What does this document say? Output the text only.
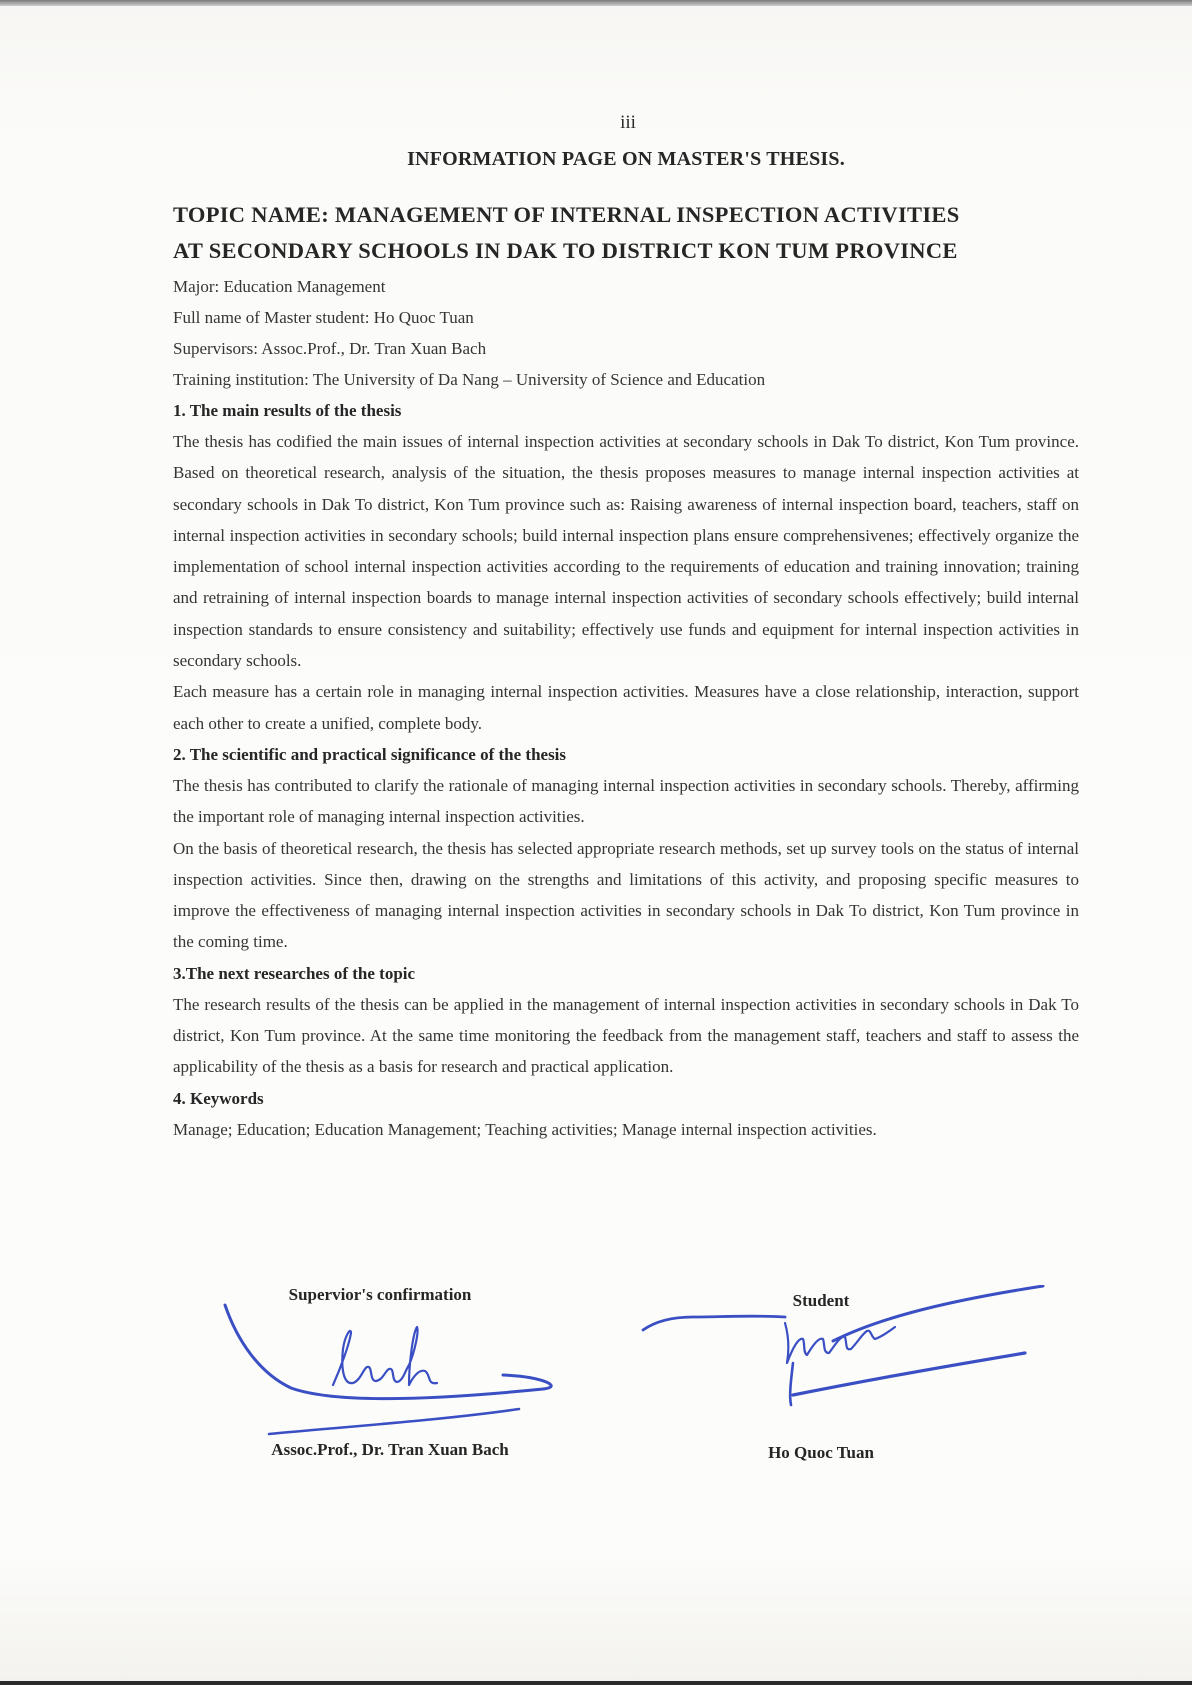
iii
INFORMATION PAGE ON MASTER'S THESIS.
TOPIC NAME: MANAGEMENT OF INTERNAL INSPECTION ACTIVITIES
AT SECONDARY SCHOOLS IN DAK TO DISTRICT KON TUM PROVINCE

Major: Education Management

Full name of Master student: Ho Quoc Tuan

Supervisors: Assoc.Prof., Dr. Tran Xuan Bach

Training institution: The University of Da Nang – University of Science and Education

1. The main results of the thesis

The thesis has codified the main issues of internal inspection activities at secondary schools in Dak To district, Kon Tum province. Based on theoretical research, analysis of the situation, the thesis proposes measures to manage internal inspection activities at secondary schools in Dak To district, Kon Tum province such as: Raising awareness of internal inspection board, teachers, staff on internal inspection activities in secondary schools; build internal inspection plans ensure comprehensivenes; effectively organize the implementation of school internal inspection activities according to the requirements of education and training innovation; training and retraining of internal inspection boards to manage internal inspection activities of secondary schools effectively; build internal inspection standards to ensure consistency and suitability; effectively use funds and equipment for internal inspection activities in secondary schools.

Each measure has a certain role in managing internal inspection activities. Measures have a close relationship, interaction, support each other to create a unified, complete body.

2. The scientific and practical significance of the thesis

The thesis has contributed to clarify the rationale of managing internal inspection activities in secondary schools. Thereby, affirming the important role of managing internal inspection activities.

On the basis of theoretical research, the thesis has selected appropriate research methods, set up survey tools on the status of internal inspection activities. Since then, drawing on the strengths and limitations of this activity, and proposing specific measures to improve the effectiveness of managing internal inspection activities in secondary schools in Dak To district, Kon Tum province in the coming time.

3.The next researches of the topic

The research results of the thesis can be applied in the management of internal inspection activities in secondary schools in Dak To district, Kon Tum province. At the same time monitoring the feedback from the management staff, teachers and staff to assess the applicability of the thesis as a basis for research and practical application.

4. Keywords

Manage; Education; Education Management; Teaching activities; Manage internal inspection activities.

Supervior's confirmation	Student
Assoc.Prof., Dr. Tran Xuan Bach	Ho Quoc Tuan
